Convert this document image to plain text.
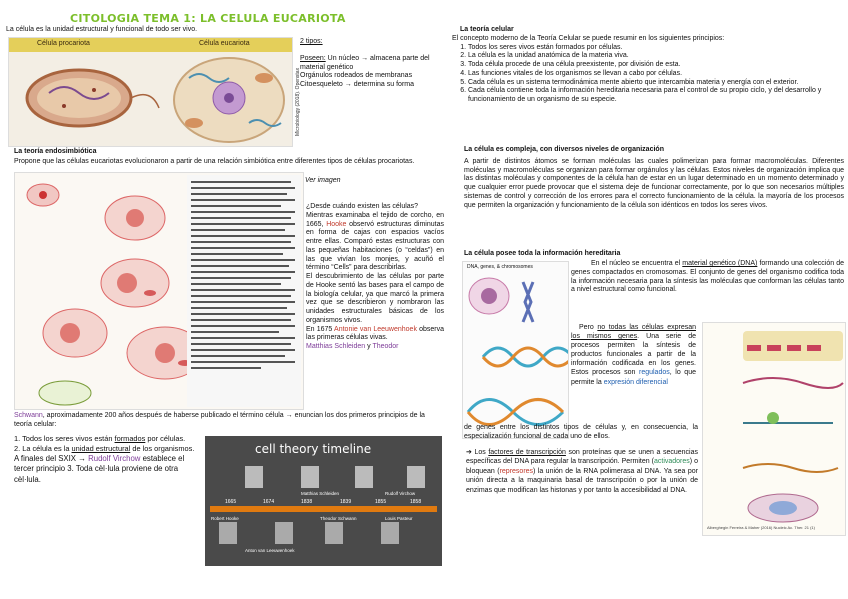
CITOLOGIA TEMA 1: LA CELULA EUCARIOTA
La célula es la unidad estructural y funcional de todo ser vivo.
Célula procariota	Célula eucariota
Microbiology (2018). Openstax

2 tipos:

Poseen: Un núcleo → almacena parte del material genético

Orgánulos rodeados de membranas

Citoesqueleto → determina su forma

La teoría endosimbiótica
Propone que las células eucariotas evolucionaron a partir de una relación simbiótica entre diferentes tipos de células procariotas.
Ver imagen

¿Desde cuándo existen las células?

Mientras examinaba el tejido de corcho, en 1665, Hooke observó estructuras diminutas en forma de cajas con espacios vacíos entre ellas. Comparó estas estructuras con las pequeñas habitaciones (o “celdas”) en las que vivían los monjes, y acuñó el término “Cells” para describirlas.

El descubrimiento de las células por parte de Hooke sentó las bases para el campo de la biología celular, ya que marcó la primera vez que se describieron y nombraron las unidades estructurales básicas de los organismos vivos.

En 1675 Antonie van Leeuwenhoek observa las primeras células vivas.

Matthias Schleiden y Theodor

Schwann, aproximadamente 200 años después de haberse publicado el término célula → enuncian los dos primeros principios de la teoría celular:

1. Todos los seres vivos están formados por células.

2. La célula es la unidad estructural de los organismos.

A finales del SXIX → Rudolf Virchow establece el tercer principio 3. Toda cèl·lula proviene de otra cèl·lula.

cell theory timeline
1665	1674	1838	1839	1855	1858
Robert Hooke
Matthias Schleiden
Theodor Schwann
Rudolf Virchow
Louis Pasteur
Anton van Leeuwenhoek

La teoría celular

El concepto moderno de la Teoría Celular se puede resumir en los siguientes principios:

1. Todos los seres vivos están formados por células.
2. La célula es la unidad anatómica de la materia viva.
3. Toda célula procede de una célula preexistente, por división de esta.
4. Las funciones vitales de los organismos se llevan a cabo por células.
5. Cada célula es un sistema termodinámica mente abierto que intercambia materia y energía con el exterior.
6. Cada célula contiene toda la información hereditaria necesaria para el control de su propio ciclo, y del desarrollo y funcionamiento de un organismo de su especie.

La célula es compleja, con diversos niveles de organización

A partir de distintos átomos se forman moléculas las cuales polimerizan para formar macromoléculas. Diferentes moléculas y macromoléculas se organizan para formar orgánulos y las células. Estos niveles de organización implica que las distintas moléculas y componentes de la célula han de estar en un lugar determinado en un momento determinado y que cualquier error puede provocar que el sistema deje de funcionar correctamente, por lo que son necesarios múltiples sistemas de control y corrección de los errores para el correcto funcionamiento de la célula. la mayoría de los procesos que permiten la organización y funcionamiento de la célula son idénticos en todos los seres vivos.

La célula posee toda la información hereditaria
DNA, genes, & chromosomes	En el núcleo se encuentra el material genético (DNA) formando una colección de genes compactados en cromosomas. El conjunto de genes del organismo codifica toda la información necesaria para la síntesis las moléculas que conforman las células tanto a nivel estructural como funcional.

Pero no todas las células expresan los mismos genes. Una serie de procesos permiten la síntesis de productos funcionales a partir de la información codificada en los genes. Estos procesos son regulados, lo que permite la expresión diferencial

de genes entre los distintos tipos de células y, en consecuencia, la especialización funcional de cada uno de ellos.

Alberghegin Ferreira & Maher (2016) Nucleic Ac. Ther. 21 (1)

➔ Los factores de transcripción son proteínas que se unen a secuencias específicas del DNA para regular la transcripción. Permiten (activadores) o bloquean (represores) la unión de la RNA polimerasa al DNA. Ya sea por unión directa a la maquinaria basal de transcripción o por la unión de enzimas que modifican las histonas y por tanto la accesibilidad al DNA.
